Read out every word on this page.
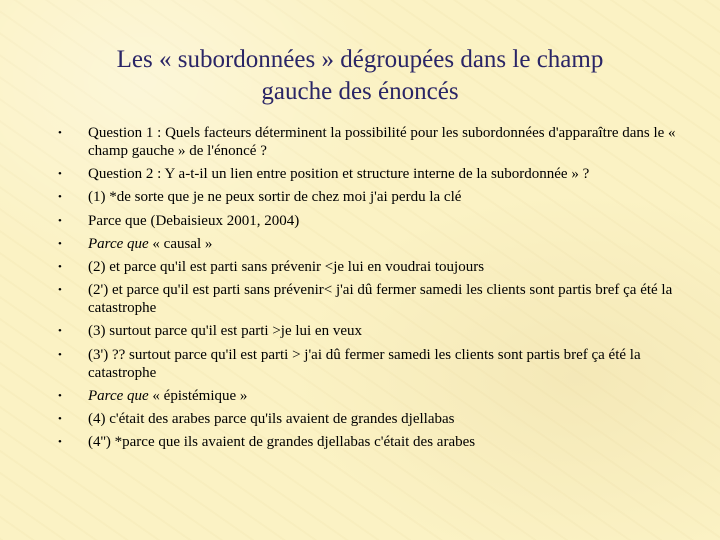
Les « subordonnées » dégroupées dans le champ
gauche des énoncés
• Question 1 : Quels facteurs déterminent la possibilité pour les subordonnées d'apparaître dans le « champ gauche » de l'énoncé ?
• Question 2 : Y a-t-il un lien entre position et structure interne de la subordonnée » ?
• (1) *de sorte que je ne peux sortir de chez moi j'ai perdu la clé
• Parce que (Debaisieux 2001, 2004)
• Parce que « causal »
• (2) et parce qu'il est parti sans prévenir <je lui en voudrai toujours
• (2') et parce qu'il est parti sans prévenir< j'ai dû fermer samedi les clients sont partis bref ça été la catastrophe
• (3) surtout parce qu'il est parti >je lui en veux
• (3') ?? surtout parce qu'il est parti > j'ai dû fermer samedi les clients sont partis bref ça été la catastrophe
• Parce que « épistémique »
• (4) c'était des arabes parce qu'ils avaient de grandes djellabas
• (4'') *parce que ils avaient de grandes djellabas c'était des arabes
